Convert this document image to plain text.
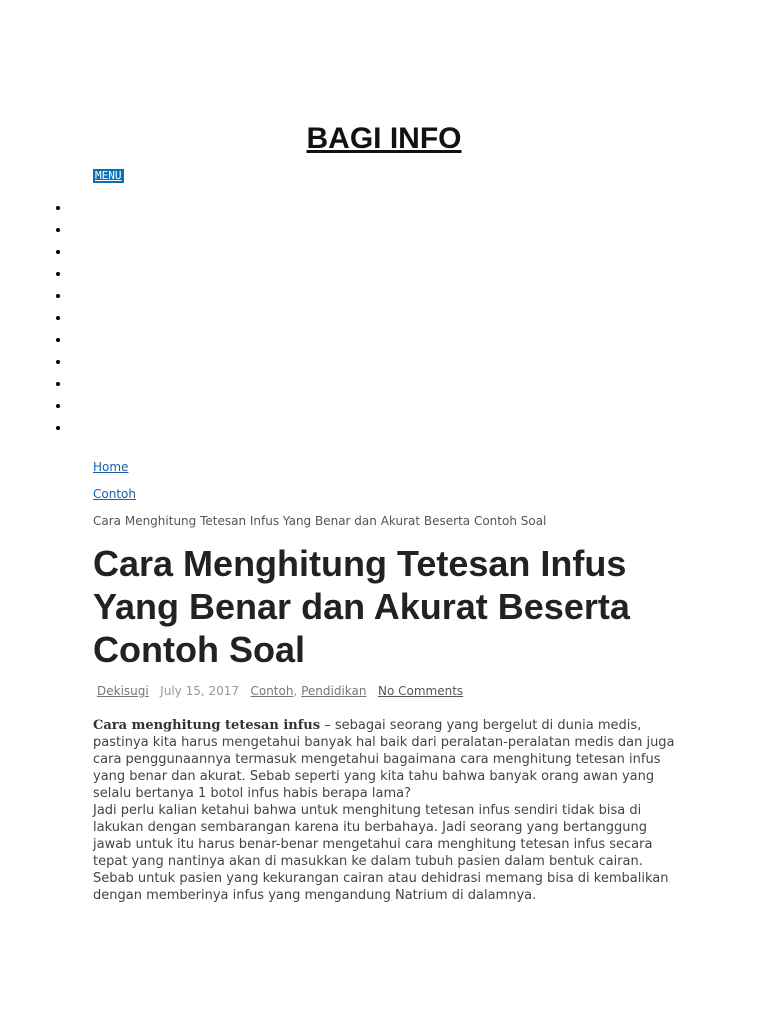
BAGI INFO
MENU
Home
Contoh
Cara Menghitung Tetesan Infus Yang Benar dan Akurat Beserta Contoh Soal
Cara Menghitung Tetesan Infus Yang Benar dan Akurat Beserta Contoh Soal
Dekisugi July 15, 2017 Contoh, Pendidikan No Comments

Cara menghitung tetesan infus – sebagai seorang yang bergelut di dunia medis, pastinya kita harus mengetahui banyak hal baik dari peralatan-peralatan medis dan juga cara penggunaannya termasuk mengetahui bagaimana cara menghitung tetesan infus yang benar dan akurat. Sebab seperti yang kita tahu bahwa banyak orang awan yang selalu bertanya 1 botol infus habis berapa lama?

Jadi perlu kalian ketahui bahwa untuk menghitung tetesan infus sendiri tidak bisa di lakukan dengan sembarangan karena itu berbahaya. Jadi seorang yang bertanggung jawab untuk itu harus benar-benar mengetahui cara menghitung tetesan infus secara tepat yang nantinya akan di masukkan ke dalam tubuh pasien dalam bentuk cairan. Sebab untuk pasien yang kekurangan cairan atau dehidrasi memang bisa di kembalikan dengan memberinya infus yang mengandung Natrium di dalamnya.
